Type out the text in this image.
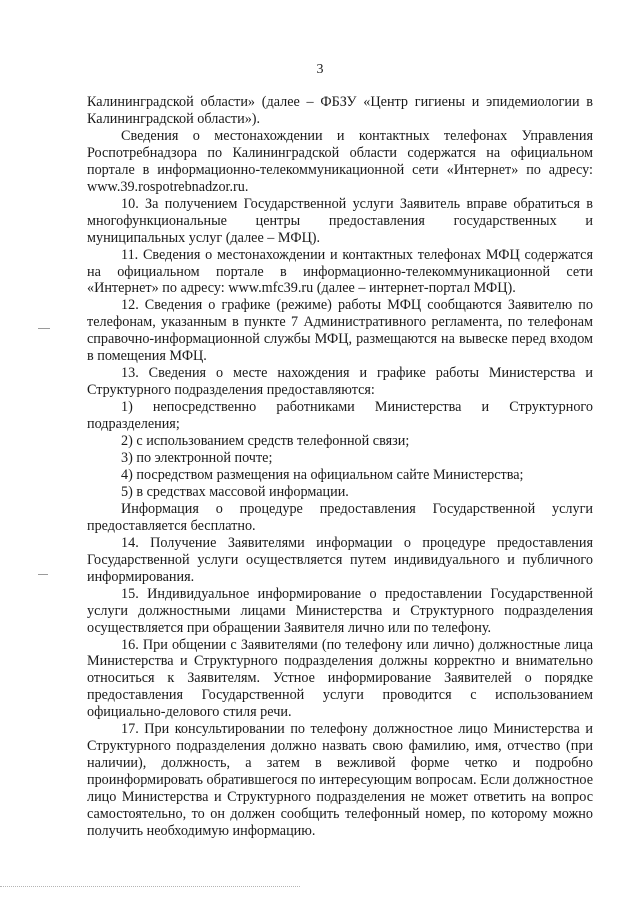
3

Калининградской области» (далее – ФБЗУ «Центр гигиены и эпидемиологии в Калининградской области»).

Сведения о местонахождении и контактных телефонах Управления Роспотребнадзора по Калининградской области содержатся на официальном портале в информационно-телекоммуникационной сети «Интернет» по адресу: www.39.rospotrebnadzor.ru.

10. За получением Государственной услуги Заявитель вправе обратиться в многофункциональные центры предоставления государственных и муниципальных услуг (далее – МФЦ).

11. Сведения о местонахождении и контактных телефонах МФЦ содержатся на официальном портале в информационно-телекоммуникационной сети «Интернет» по адресу: www.mfc39.ru (далее – интернет-портал МФЦ).

12. Сведения о графике (режиме) работы МФЦ сообщаются Заявителю по телефонам, указанным в пункте 7 Административного регламента, по телефонам справочно-информационной службы МФЦ, размещаются на вывеске перед входом в помещения МФЦ.

13. Сведения о месте нахождения и графике работы Министерства и Структурного подразделения предоставляются:

1) непосредственно работниками Министерства и Структурного подразделения;

2) с использованием средств телефонной связи;

3) по электронной почте;

4) посредством размещения на официальном сайте Министерства;

5) в средствах массовой информации.

Информация о процедуре предоставления Государственной услуги предоставляется бесплатно.

14. Получение Заявителями информации о процедуре предоставления Государственной услуги осуществляется путем индивидуального и публичного информирования.

15. Индивидуальное информирование о предоставлении Государственной услуги должностными лицами Министерства и Структурного подразделения осуществляется при обращении Заявителя лично или по телефону.

16. При общении с Заявителями (по телефону или лично) должностные лица Министерства и Структурного подразделения должны корректно и внимательно относиться к Заявителям. Устное информирование Заявителей о порядке предоставления Государственной услуги проводится с использованием официально-делового стиля речи.

17. При консультировании по телефону должностное лицо Министерства и Структурного подразделения должно назвать свою фамилию, имя, отчество (при наличии), должность, а затем в вежливой форме четко и подробно проинформировать обратившегося по интересующим вопросам. Если должностное лицо Министерства и Структурного подразделения не может ответить на вопрос самостоятельно, то он должен сообщить телефонный номер, по которому можно получить необходимую информацию.
